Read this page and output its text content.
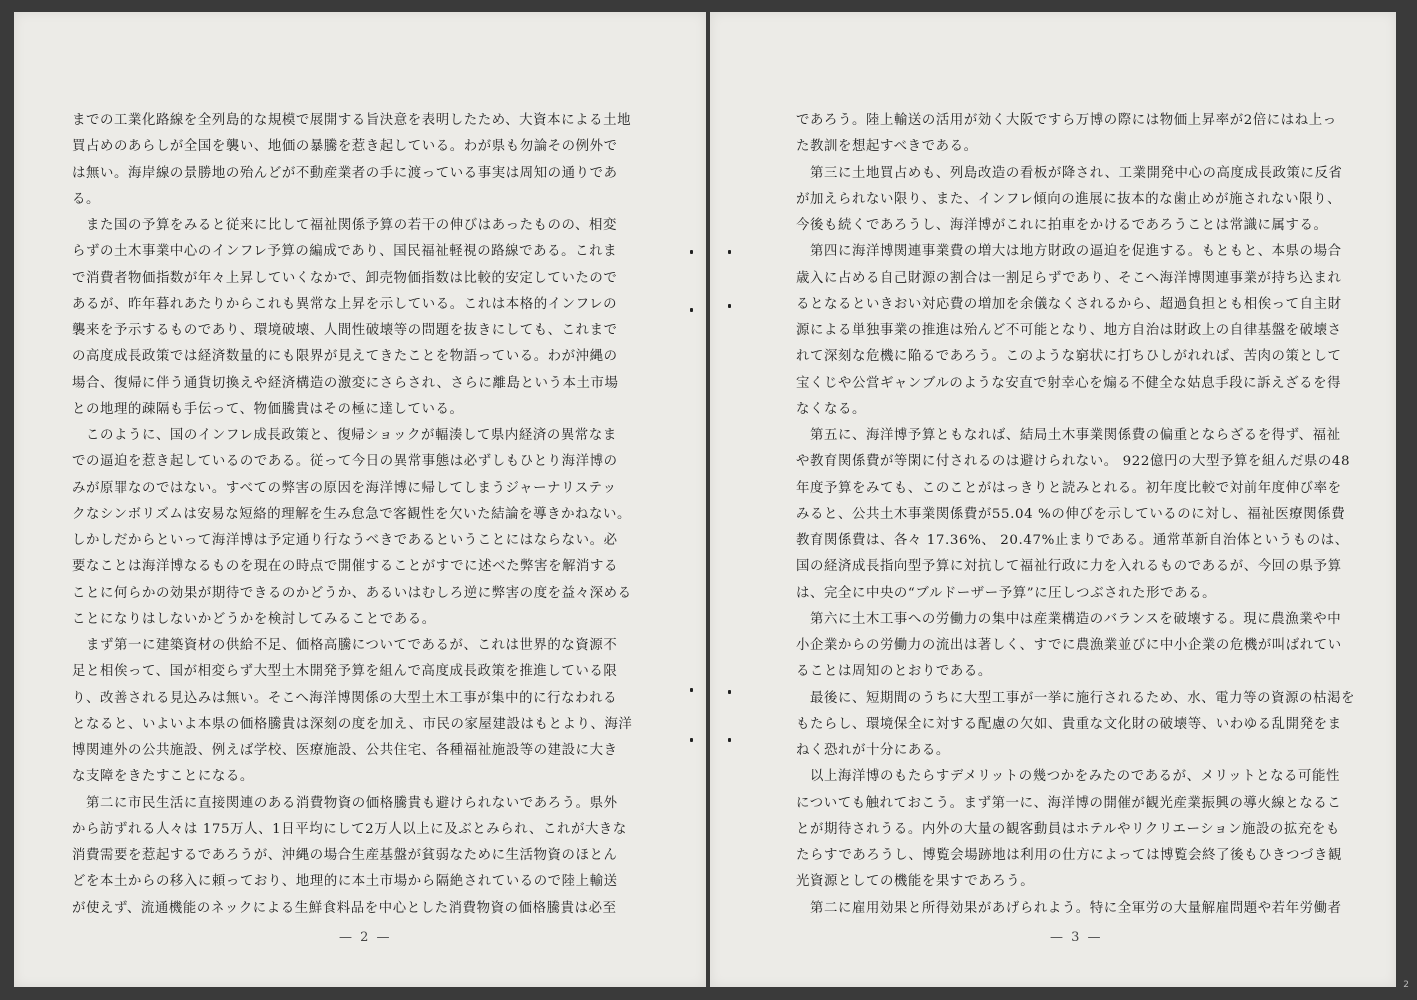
までの工業化路線を全列島的な規模で展開する旨決意を表明したため、大資本による土地
買占めのあらしが全国を襲い、地価の暴騰を惹き起している。わが県も勿論その例外で
は無い。海岸線の景勝地の殆んどが不動産業者の手に渡っている事実は周知の通りであ
る。
　また国の予算をみると従来に比して福祉関係予算の若干の伸びはあったものの、相変
らずの土木事業中心のインフレ予算の編成であり、国民福祉軽視の路線である。これま
で消費者物価指数が年々上昇していくなかで、卸売物価指数は比較的安定していたので
あるが、昨年暮れあたりからこれも異常な上昇を示している。これは本格的インフレの
襲来を予示するものであり、環境破壊、人間性破壊等の問題を抜きにしても、これまで
の高度成長政策では経済数量的にも限界が見えてきたことを物語っている。わが沖縄の
場合、復帰に伴う通貨切換えや経済構造の激変にさらされ、さらに離島という本土市場
との地理的疎隔も手伝って、物価騰貴はその極に達している。
　このように、国のインフレ成長政策と、復帰ショックが輻湊して県内経済の異常なま
での逼迫を惹き起しているのである。従って今日の異常事態は必ずしもひとり海洋博の
みが原罪なのではない。すべての弊害の原因を海洋博に帰してしまうジャーナリステッ
クなシンボリズムは安易な短絡的理解を生み怠急で客観性を欠いた結論を導きかねない。
しかしだからといって海洋博は予定通り行なうべきであるということにはならない。必
要なことは海洋博なるものを現在の時点で開催することがすでに述べた弊害を解消する
ことに何らかの効果が期待できるのかどうか、あるいはむしろ逆に弊害の度を益々深める
ことになりはしないかどうかを検討してみることである。
　まず第一に建築資材の供給不足、価格高騰についてであるが、これは世界的な資源不
足と相俟って、国が相変らず大型土木開発予算を組んで高度成長政策を推進している限
り、改善される見込みは無い。そこへ海洋博関係の大型土木工事が集中的に行なわれる
となると、いよいよ本県の価格騰貴は深刻の度を加え、市民の家屋建設はもとより、海洋
博関連外の公共施設、例えば学校、医療施設、公共住宅、各種福祉施設等の建設に大き
な支障をきたすことになる。
　第二に市民生活に直接関連のある消費物資の価格騰貴も避けられないであろう。県外
から訪ずれる人々は 175万人、1日平均にして2万人以上に及ぶとみられ、これが大きな
消費需要を惹起するであろうが、沖縄の場合生産基盤が貧弱なために生活物資のほとん
どを本土からの移入に頼っており、地理的に本土市場から隔絶されているので陸上輸送
が使えず、流通機能のネックによる生鮮食料品を中心とした消費物資の価格騰貴は必至
— 2 —
であろう。陸上輸送の活用が効く大阪ですら万博の際には物価上昇率が2倍にはね上っ
た教訓を想起すべきである。
　第三に土地買占めも、列島改造の看板が降され、工業開発中心の高度成長政策に反省
が加えられない限り、また、インフレ傾向の進展に抜本的な歯止めが施されない限り、
今後も続くであろうし、海洋博がこれに拍車をかけるであろうことは常識に属する。
　第四に海洋博関連事業費の増大は地方財政の逼迫を促進する。もともと、本県の場合
歳入に占める自己財源の割合は一割足らずであり、そこへ海洋博関連事業が持ち込まれ
るとなるといきおい対応費の増加を余儀なくされるから、超過負担とも相俟って自主財
源による単独事業の推進は殆んど不可能となり、地方自治は財政上の自律基盤を破壊さ
れて深刻な危機に陥るであろう。このような窮状に打ちひしがれれば、苦肉の策として
宝くじや公営ギャンブルのような安直で射幸心を煽る不健全な姑息手段に訴えざるを得
なくなる。
　第五に、海洋博予算ともなれば、結局土木事業関係費の偏重とならざるを得ず、福祉
や教育関係費が等閑に付されるのは避けられない。 922億円の大型予算を組んだ県の48
年度予算をみても、このことがはっきりと読みとれる。初年度比較で対前年度伸び率を
みると、公共土木事業関係費が55.04 %の伸びを示しているのに対し、福祉医療関係費
教育関係費は、各々 17.36%、 20.47%止まりである。通常革新自治体というものは、
国の経済成長指向型予算に対抗して福祉行政に力を入れるものであるが、今回の県予算
は、完全に中央の“ブルドーザー予算”に圧しつぶされた形である。
　第六に土木工事への労働力の集中は産業構造のバランスを破壊する。現に農漁業や中
小企業からの労働力の流出は著しく、すでに農漁業並びに中小企業の危機が叫ばれてい
ることは周知のとおりである。
　最後に、短期間のうちに大型工事が一挙に施行されるため、水、電力等の資源の枯渇を
もたらし、環境保全に対する配慮の欠如、貴重な文化財の破壊等、いわゆる乱開発をま
ねく恐れが十分にある。
　以上海洋博のもたらすデメリットの幾つかをみたのであるが、メリットとなる可能性
についても触れておこう。まず第一に、海洋博の開催が観光産業振興の導火線となるこ
とが期待されうる。内外の大量の観客動員はホテルやリクリエーション施設の拡充をも
たらすであろうし、博覧会場跡地は利用の仕方によっては博覧会終了後もひきつづき観
光資源としての機能を果すであろう。
　第二に雇用効果と所得効果があげられよう。特に全軍労の大量解雇問題や若年労働者
— 3 —
2
